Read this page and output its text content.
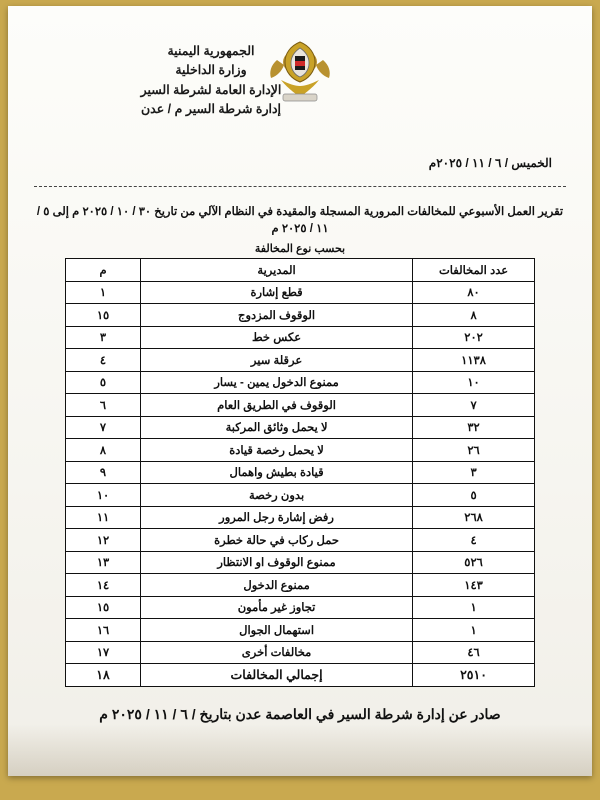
الجمهورية اليمنية
وزارة الداخلية
الإدارة العامة لشرطة السير
إدارة شرطة السير م / عدن
الخميس / ٦ / ١١ / ٢٠٢٥م
تقرير العمل الأسبوعي للمخالفات المرورية المسجلة والمقيدة في النظام الآلي من تاريخ ٣٠ / ١٠ / ٢٠٢٥ م إلى ٥ / ١١ / ٢٠٢٥ م
بحسب نوع المخالفة
عدد المخالفات	المديرية	م
٨٠	قطع إشارة	١
٨	الوقوف المزدوج	١٥
٢٠٢	عكس خط	٣
١١٣٨	عرقلة سير	٤
١٠	ممنوع الدخول يمين - يسار	٥
٧	الوقوف في الطريق العام	٦
٣٢	لا يحمل وثائق المركبة	٧
٢٦	لا يحمل رخصة قيادة	٨
٣	قيادة بطيش واهمال	٩
٥	بدون رخصة	١٠
٢٦٨	رفض إشارة رجل المرور	١١
٤	حمل ركاب في حالة خطرة	١٢
٥٢٦	ممنوع الوقوف او الانتظار	١٣
١٤٣	ممنوع الدخول	١٤
١	تجاوز غير مأمون	١٥
١	استهمال الجوال	١٦
٤٦	مخالفات أخرى	١٧
٢٥١٠	إجمالي المخالفات	١٨
صادر عن إدارة شرطة السير في العاصمة عدن بتاريخ / ٦ / ١١ / ٢٠٢٥ م
